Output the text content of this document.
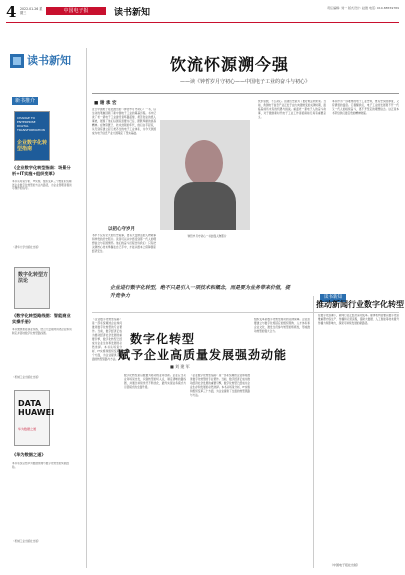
4 2022.01.26 星期三	中国电子报	读书新知	责任编辑: 刘一 版式设计: 赵微 电话: 010-88559789
读书新知
新书推介
CHANGE TO ENTERPRISE DIGITAL TRANSFORMATION
企业数字化转型指南
《企业数字化转型指南：场景分析+IT实施+组织变革》
本书从场景分析、IT实施、组织变革三个维度系统阐述企业数字化转型的方法与路径，为企业管理者提供可操作的指导。
（清华大学出版社出版）
数字化转型方法论
《数字化转型路线图：智能商业实操手册》
本书聚焦智能商业实践，结合大量案例讲述企业如何制定并落地数字化转型路线图。
（机械工业出版社出版）
DATA HUAWEI
华为数据之道
《华为数据之道》
本书系统总结华为数据管理与数字化转型的实践经验。
（机械工业出版社出版）
饮流怀源溯今强
——读《钟哲岁月守初心——中国电子工业的奋斗与初心》
■ 谢 承 宏
以初心守岁月
近日中国电子报社推出的《钟哲岁月守初心》一书，以生动的笔触回顾了新中国电子工业的奠基历程。书中记录了老一辈电子工业建设者筚路蓝缕、艰苦创业的感人事迹，展现了他们以国家需要为己任、默默奉献的崇高精神。在物资匮乏、技术封锁的年代，他们白手起家，从无到有建立起门类齐全的电子工业体系，为今天我国成为电子信息产业大国奠定了坚实基础。
书中不仅有宏大的历史叙事，更有大量鲜活的人物故事和珍贵的历史照片。读者可以从中感受到那一代人的理想信念与家国情怀。他们的奋斗历程告诉我们：只有把关键核心技术掌握在自己手中，才能从根本上保障国家经济安全。
钟哲岁月守初心一书封面人物照片
饮水思源，不忘初心。回望历史是为了更好地走向未来。当前，我国电子信息产业正处于由大向强转变的关键时期，面临着前所未有的机遇与挑战。重温老一辈电子人的奋斗故事，对于激励新时代电子工业工作者砥砺前行具有重要意义。
本书作为一部难得的电子工业史料，既有史实的厚度，又有情感的温度。它提醒我们，电子工业的发展离不开一代又一代人的接续奋斗，离不开坚定的理想信念。这正是本书带给我们最宝贵的精神财富。
企业进行数字化转型，绝不只是引入一项技术和概念，而是要为业务带来价值，提升竞争力	读书新知
推动新闻行业数字化转型
数字化转型
赋予企业高质量发展强劲动能
■ 刘 建 军
《企业数字化转型指南》是一部系统阐述企业如何推进数字化转型的专业著作。当前，数字经济正成为推动经济社会发展的重要引擎，数字化转型已经成为企业生存和发展的必然选择。本书从场景分析、IT实施和组织变革三个方面，为企业提供了全面的转型思路与方法。
数字化转型是以数据为驱动的业务创新。企业应当从业务场景出发，识别转型的切入点，制定清晰的路线图，并通过持续迭代不断优化，最终实现业务模式与运营模式的全面升级。
《企业数字化转型指南》是一部系统阐述企业如何推进数字化转型的专业著作。当前，数字经济正成为推动经济社会发展的重要引擎，数字化转型已经成为企业生存和发展的必然选择。本书从场景分析、IT实施和组织变革三个方面，为企业提供了全面的转型思路与方法。
组织变革是数字化转型成功的关键保障。企业需要建立与数字化相适应的组织架构、人才体系和企业文化，激发全员参与转型的积极性，形成推动转型的强大合力。
在数字化浪潮下，新闻行业正经历深刻变革。媒体机构需要以数字化思维重塑内容生产、传播和运营流程，借助大数据、人工智能等技术提升传播力和影响力，探索可持续发展的新路径。
（中国电子报社出版）
